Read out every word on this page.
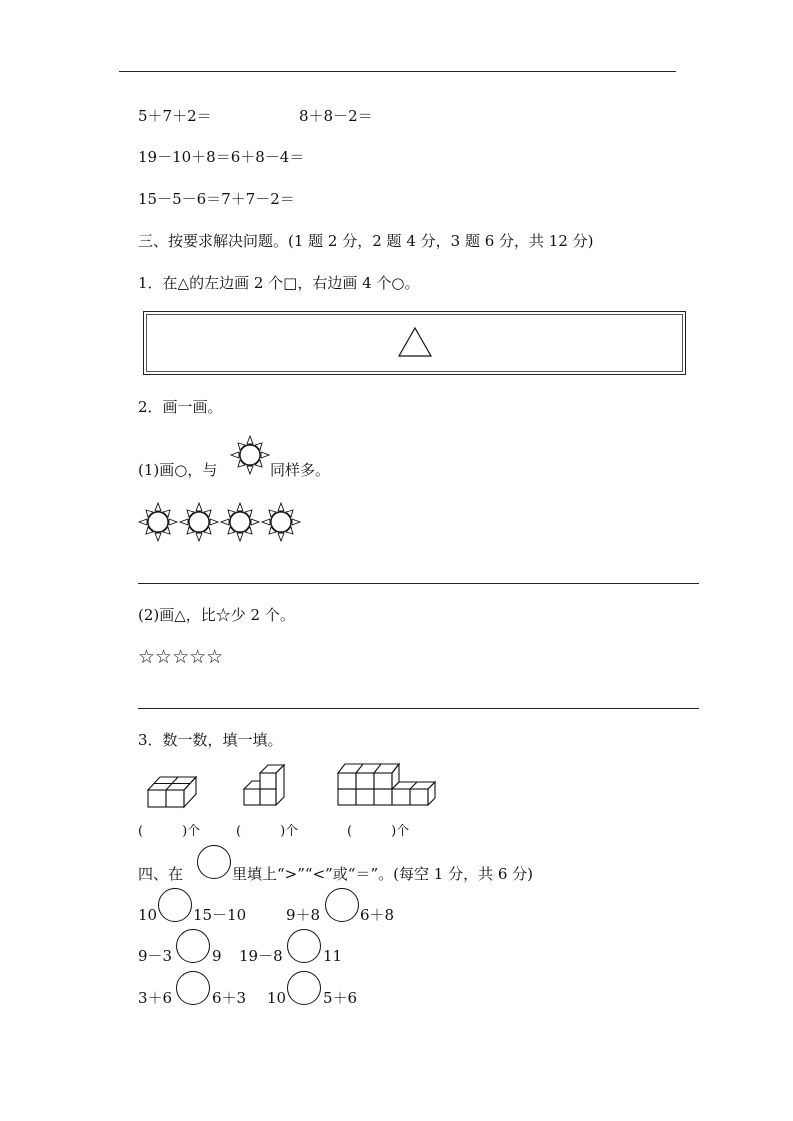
5＋7＋2＝	8＋8－2＝
19－10＋8＝6＋8－4＝
15－5－6＝7＋7－2＝
三、按要求解决问题。(1 题 2 分，2 题 4 分，3 题 6 分，共 12 分)
1．在△的左边画 2 个□，右边画 4 个○。
2．画一画。
(1)画○，与	同样多。
(2)画△，比☆少 2 个。
☆☆☆☆☆
3．数一数，填一填。
(　　　)个	(　　　)个	(　　　)个
四、在	里填上“>”“<”或“＝”。(每空 1 分，共 6 分)
10 15－10	9＋8	6＋8
9－3	9 19－8	11
3＋6	6＋3 10 5＋6
